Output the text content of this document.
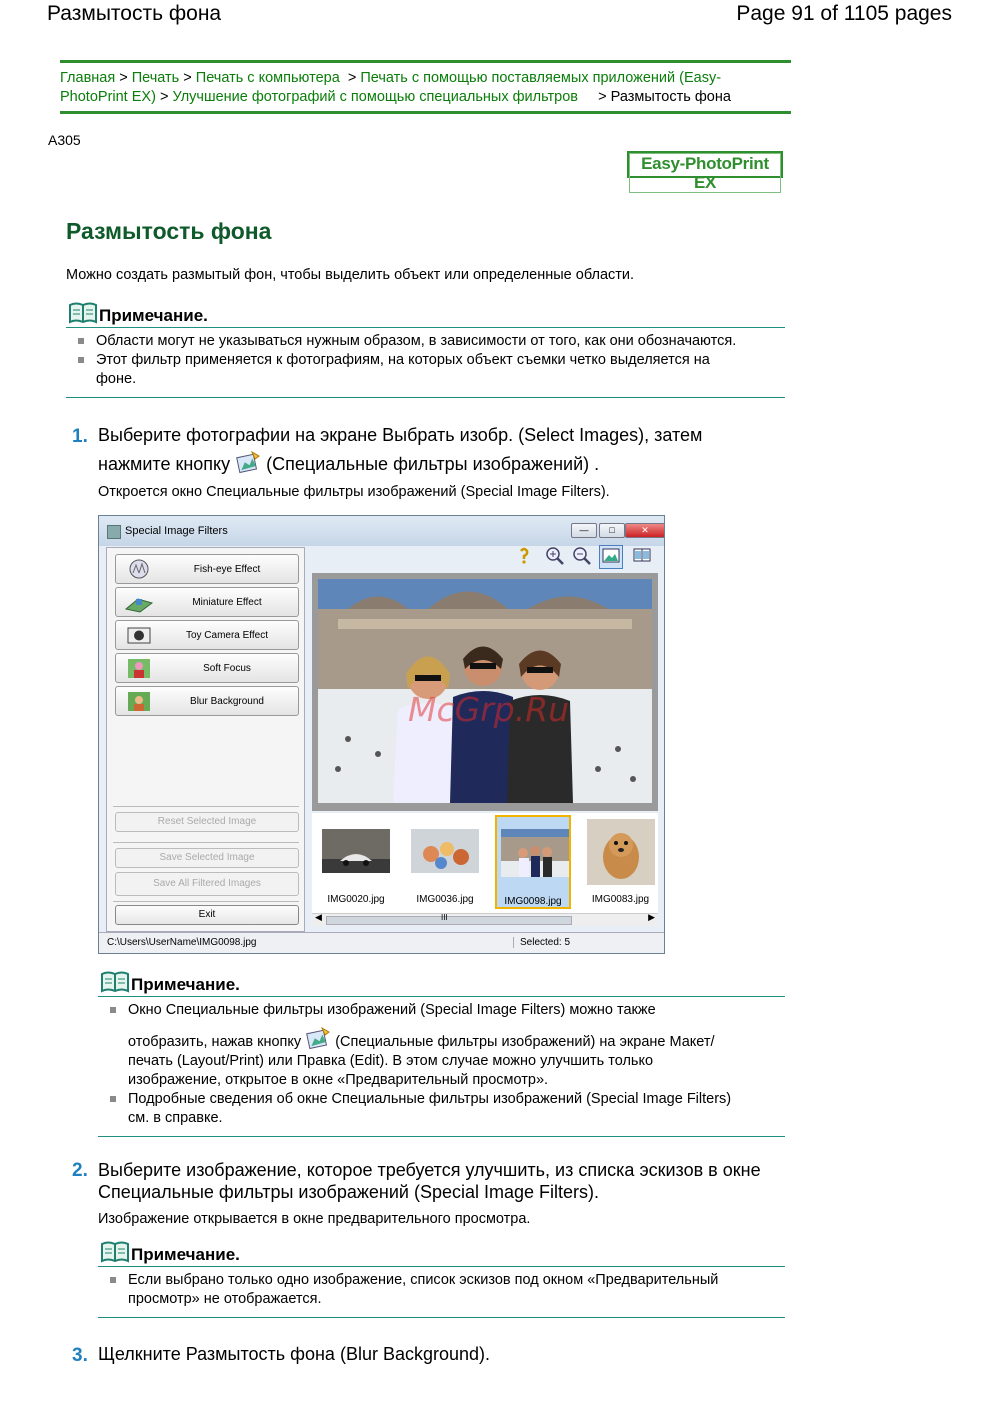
Размытость фона	Page 91 of 1105 pages
Главная > Печать > Печать с компьютера > Печать с помощью поставляемых приложений (Easy-
PhotoPrint EX) > Улучшение фотографий с помощью специальных фильтров > Размытость фона
A305
Easy-PhotoPrint EX
Размытость фона
Можно создать размытый фон, чтобы выделить объект или определенные области.
Примечание.
Области могут не указываться нужным образом, в зависимости от того, как они обозначаются.
Этот фильтр применяется к фотографиям, на которых объект съемки четко выделяется на фоне.
1. Выберите фотографии на экране Выбрать изобр. (Select Images), затем
нажмите кнопку (Специальные фильтры изображений) .
Откроется окно Специальные фильтры изображений (Special Image Filters).
Special Image Filters	—	□	✕
Fish-eye Effect
Miniature Effect
Toy Camera Effect
Soft Focus
Blur Background
Reset Selected Image
Save Selected Image
Save All Filtered Images
Exit
IMG0020.jpg	IMG0036.jpg	IMG0098.jpg	IMG0083.jpg
◀	III	▶
C:\Users\UserName\IMG0098.jpg	Selected: 5
McGrp.Ru
Примечание.
Окно Специальные фильтры изображений (Special Image Filters) можно также
отобразить, нажав кнопку (Специальные фильтры изображений) на экране Макет/
печать (Layout/Print) или Правка (Edit). В этом случае можно улучшить только
изображение, открытое в окне «Предварительный просмотр».
Подробные сведения об окне Специальные фильтры изображений (Special Image Filters) см. в справке.
2. Выберите изображение, которое требуется улучшить, из списка эскизов в окне Специальные фильтры изображений (Special Image Filters).
Изображение открывается в окне предварительного просмотра.
Примечание.
Если выбрано только одно изображение, список эскизов под окном «Предварительный просмотр» не отображается.
3. Щелкните Размытость фона (Blur Background).
